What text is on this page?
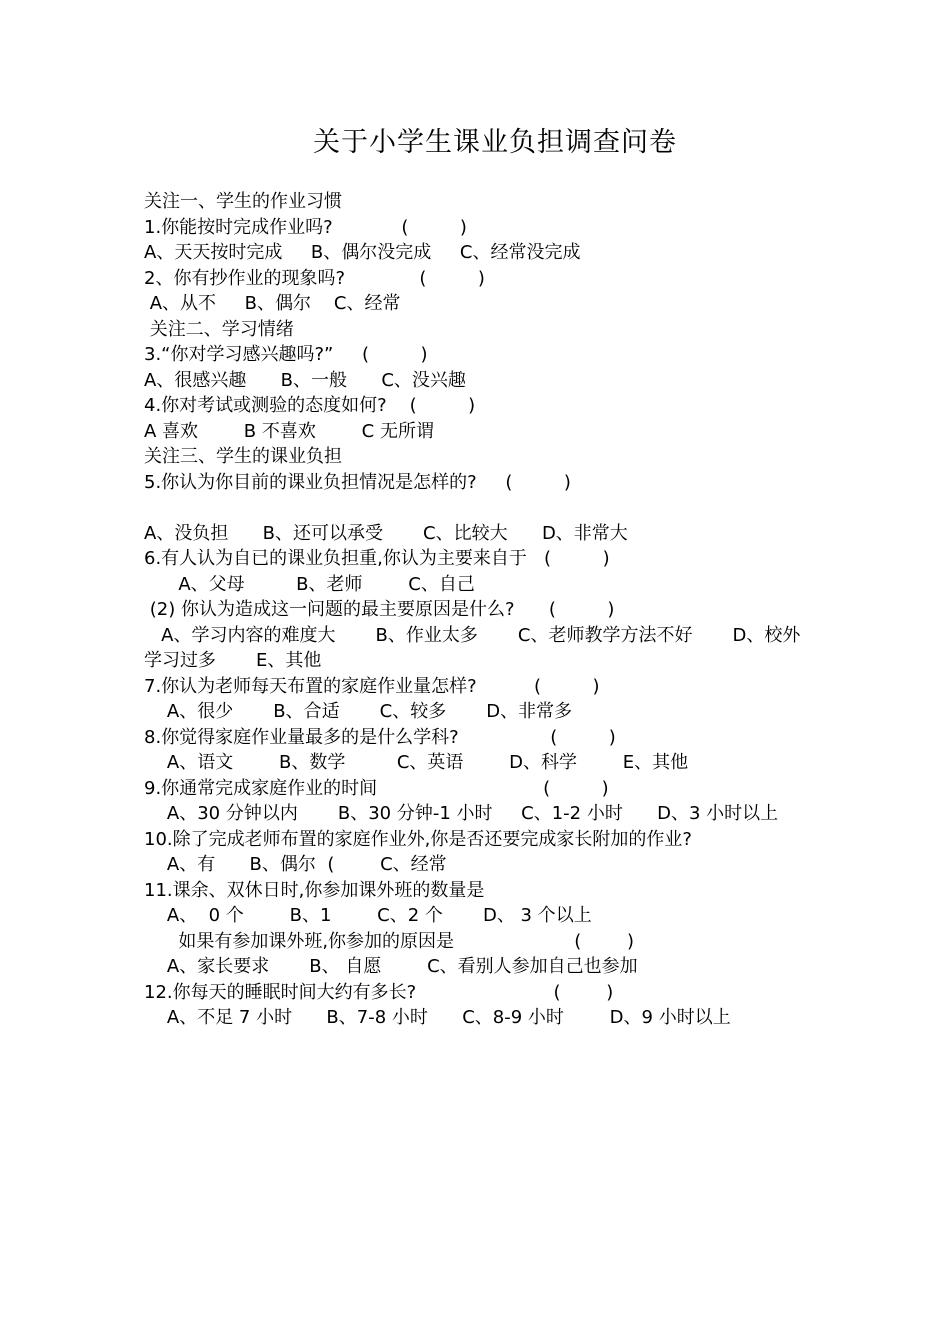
关于小学生课业负担调查问卷
关注一、学生的作业习惯
1.你能按时完成作业吗?            (         )
A、天天按时完成     B、偶尔没完成     C、经常没完成
2、你有抄作业的现象吗?             (         )
A、从不     B、偶尔    C、经常
关注二、学习情绪
3.“你对学习感兴趣吗?”     (         )
A、很感兴趣      B、一般      C、没兴趣
4.你对考试或测验的态度如何?    (         )
A 喜欢        B 不喜欢        C 无所谓
关注三、学生的课业负担
5.你认为你目前的课业负担情况是怎样的?     (         )
A、没负担      B、还可以承受       C、比较大      D、非常大
6.有人认为自已的课业负担重,你认为主要来自于   (         )
A、父母         B、老师        C、自己
(2) 你认为造成这一问题的最主要原因是什么?      (         )
A、学习内容的难度大       B、作业太多       C、老师教学方法不好       D、校外
学习过多       E、其他
7.你认为老师每天布置的家庭作业量怎样?          (         )
A、很少       B、合适       C、较多       D、非常多
8.你觉得家庭作业量最多的是什么学科?                (         )
A、语文        B、数学         C、英语        D、科学        E、其他
9.你通常完成家庭作业的时间                             (         )
A、30 分钟以内       B、30 分钟-1 小时     C、1-2 小时      D、3 小时以上
10.除了完成老师布置的家庭作业外,你是否还要完成家长附加的作业?
A、有      B、偶尔  (        C、经常
11.课余、双休日时,你参加课外班的数量是
A、  0 个        B、1        C、2 个       D、 3 个以上
如果有参加课外班,你参加的原因是                     (        )
A、家长要求       B、 自愿        C、看别人参加自己也参加
12.你每天的睡眠时间大约有多长?                        (        )
A、不足 7 小时      B、7-8 小时      C、8-9 小时        D、9 小时以上
